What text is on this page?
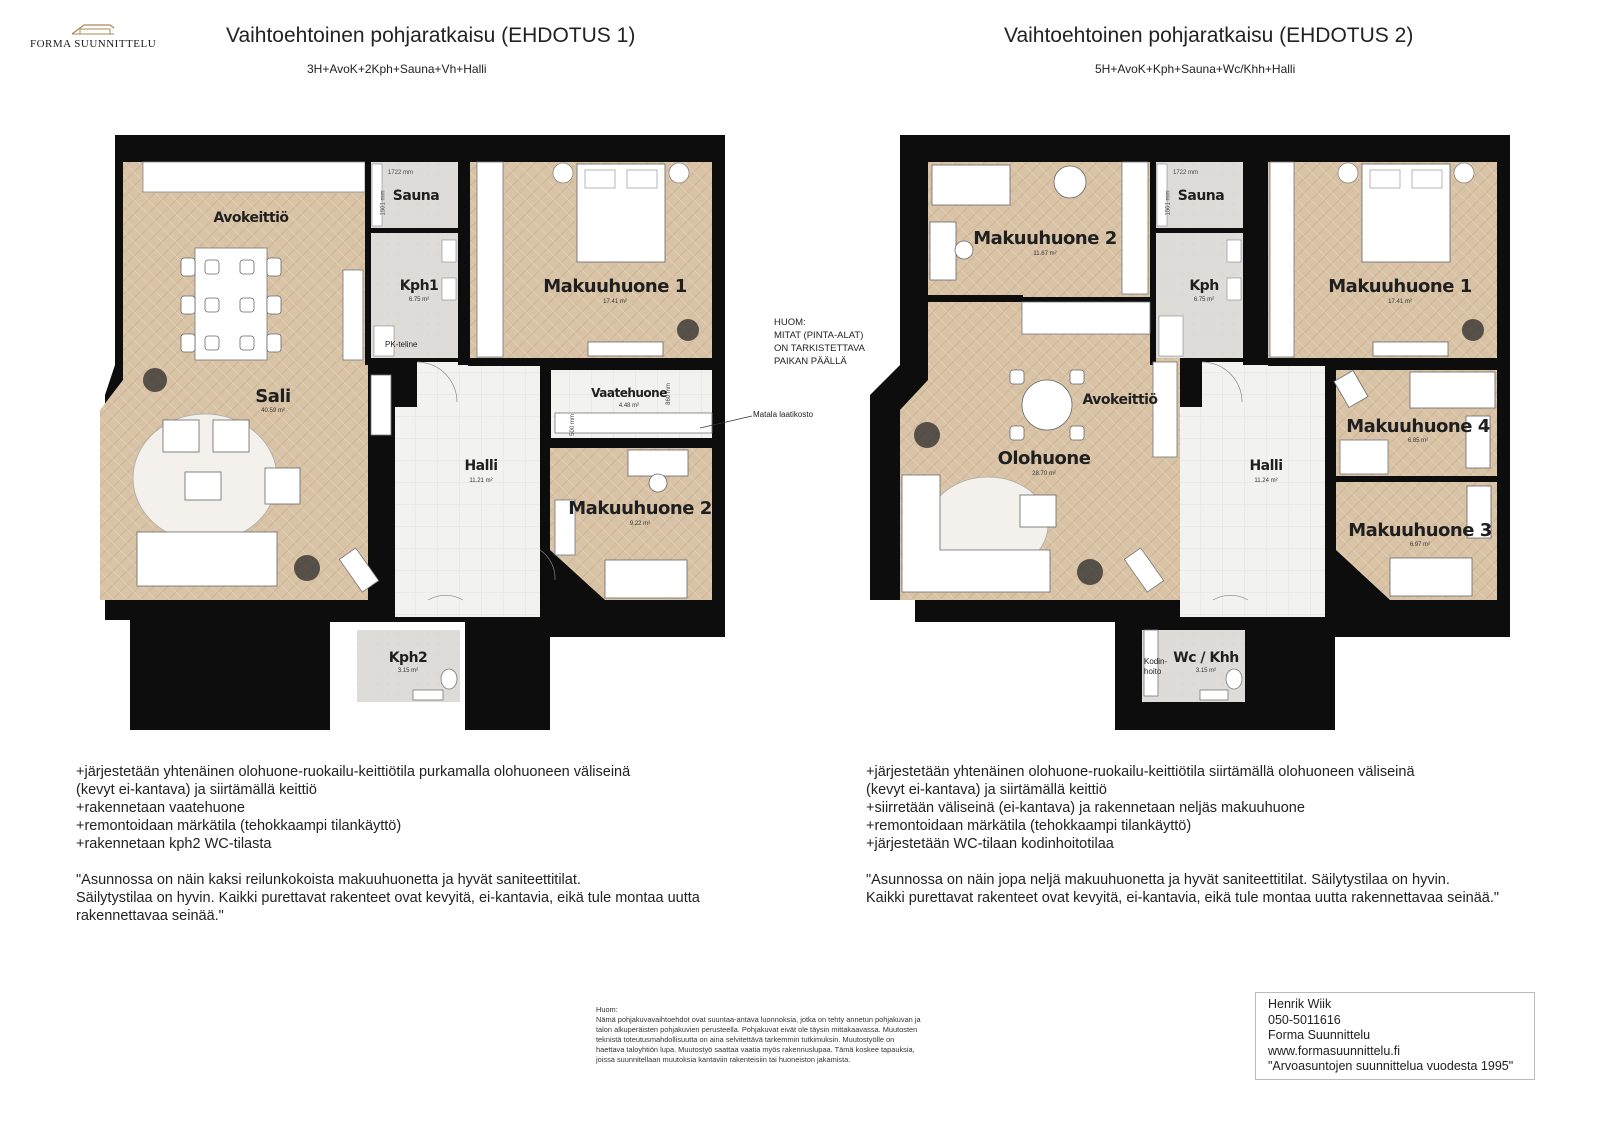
FORMA SUUNNITTELU	Vaihtoehtoinen pohjaratkaisu (EHDOTUS 1)
3H+AvoK+2Kph+Sauna+Vh+Halli
Vaihtoehtoinen pohjaratkaisu (EHDOTUS 2)
5H+AvoK+Kph+Sauna+Wc/Khh+Halli
Avokeittiö
Sali
40.59 m²
Sauna
Kph1
6.75 m²
PK-teline
Makuuhuone 1
17.41 m²
Vaatehuone
4.48 m²
Halli
11.21 m²
Makuuhuone 2
9.22 m²
Kph2
3.15 m²
1722 mm
1501 mm
860 mm
500 mm	Matala laatikosto
Makuuhuone 2
11.67 m²
Sauna
Kph
6.75 m²
Makuuhuone 1
17.41 m²
Avokeittiö
Olohuone
28.70 m²	Halli
11.24 m²
Makuuhuone 4
6.85 m²
Makuuhuone 3
6.97 m²
Wc / Khh
3.15 m²
Kodin-
hoito
1722 mm
1501 mm
HUOM:
MITAT (PINTA-ALAT)
ON TARKISTETTAVA
PAIKAN PÄÄLLÄ

+järjestetään yhtenäinen olohuone-ruokailu-keittiötila purkamalla olohuoneen väliseinä

(kevyt ei-kantava) ja siirtämällä keittiö

+rakennetaan vaatehuone

+remontoidaan märkätila (tehokkaampi tilankäyttö)

+rakennetaan kph2 WC-tilasta

"Asunnossa on näin kaksi reilunkokoista makuuhuonetta ja hyvät saniteettitilat.

Säilytystilaa on hyvin. Kaikki purettavat rakenteet ovat kevyitä, ei-kantavia, eikä tule montaa uutta

rakennettavaa seinää."

+järjestetään yhtenäinen olohuone-ruokailu-keittiötila siirtämällä olohuoneen väliseinä

(kevyt ei-kantava) ja siirtämällä keittiö

+siirretään väliseinä (ei-kantava) ja rakennetaan neljäs makuuhuone

+remontoidaan märkätila (tehokkaampi tilankäyttö)

+järjestetään WC-tilaan kodinhoitotilaa

"Asunnossa on näin jopa neljä makuuhuonetta ja hyvät saniteettitilat. Säilytystilaa on hyvin.

Kaikki purettavat rakenteet ovat kevyitä, ei-kantavia, eikä tule montaa uutta rakennettavaa seinää."

Huom:
Nämä pohjakuvavaihtoehdot ovat suuntaa-antava luonnoksia, jotka on tehty annetun pohjakuvan ja
talon alkuperäisten pohjakuvien perusteella. Pohjakuvat eivät ole täysin mittakaavassa. Muutosten
teknistä toteutusmahdollisuutta on aina selvitettävä tarkemmin tutkimuksin. Muutostyölle on
haettava taloyhtiön lupa. Muutostyö saattaa vaatia myös rakennuslupaa. Tämä koskee tapauksia,
joissa suunnitellaan muutoksia kantaviin rakenteisiin tai huoneiston jakamista.
Henrik Wiik
050-5011616
Forma Suunnittelu
www.formasuunnittelu.fi
"Arvoasuntojen suunnittelua vuodesta 1995"
